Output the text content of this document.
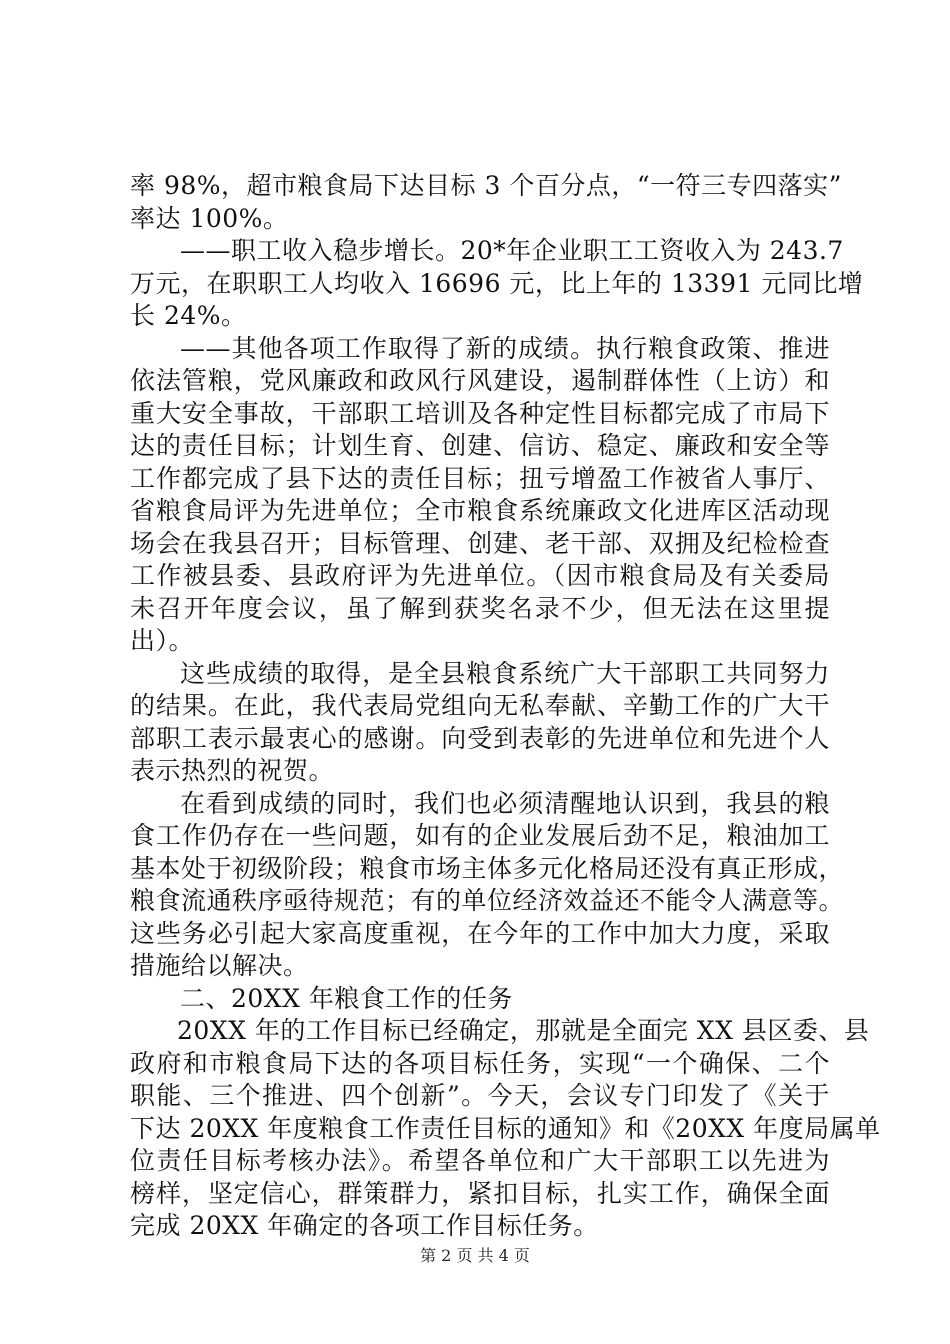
率 98%，超市粮食局下达目标 3 个百分点，“一符三专四落实”
率达 100%。
——职工收入稳步增长。20*年企业职工工资收入为 243.7
万元，在职职工人均收入 16696 元，比上年的 13391 元同比增
长 24%。
——其他各项工作取得了新的成绩。执行粮食政策、推进
依法管粮，党风廉政和政风行风建设，遏制群体性（上访）和
重大安全事故，干部职工培训及各种定性目标都完成了市局下
达的责任目标；计划生育、创建、信访、稳定、廉政和安全等
工作都完成了县下达的责任目标；扭亏增盈工作被省人事厅、
省粮食局评为先进单位；全市粮食系统廉政文化进库区活动现
场会在我县召开；目标管理、创建、老干部、双拥及纪检检查
工作被县委、县政府评为先进单位。（因市粮食局及有关委局
未召开年度会议，虽了解到获奖名录不少，但无法在这里提
出）。
这些成绩的取得，是全县粮食系统广大干部职工共同努力
的结果。在此，我代表局党组向无私奉献、辛勤工作的广大干
部职工表示最衷心的感谢。向受到表彰的先进单位和先进个人
表示热烈的祝贺。
在看到成绩的同时，我们也必须清醒地认识到，我县的粮
食工作仍存在一些问题，如有的企业发展后劲不足，粮油加工
基本处于初级阶段；粮食市场主体多元化格局还没有真正形成，
粮食流通秩序亟待规范；有的单位经济效益还不能令人满意等。
这些务必引起大家高度重视，在今年的工作中加大力度，采取
措施给以解决。
二、20XX 年粮食工作的任务
20XX 年的工作目标已经确定，那就是全面完 XX 县区委、县
政府和市粮食局下达的各项目标任务，实现“一个确保、二个
职能、三个推进、四个创新”。今天，会议专门印发了《关于
下达 20XX 年度粮食工作责任目标的通知》和《20XX 年度局属单
位责任目标考核办法》。希望各单位和广大干部职工以先进为
榜样，坚定信心，群策群力，紧扣目标，扎实工作，确保全面
完成 20XX 年确定的各项工作目标任务。
第 2 页 共 4 页
